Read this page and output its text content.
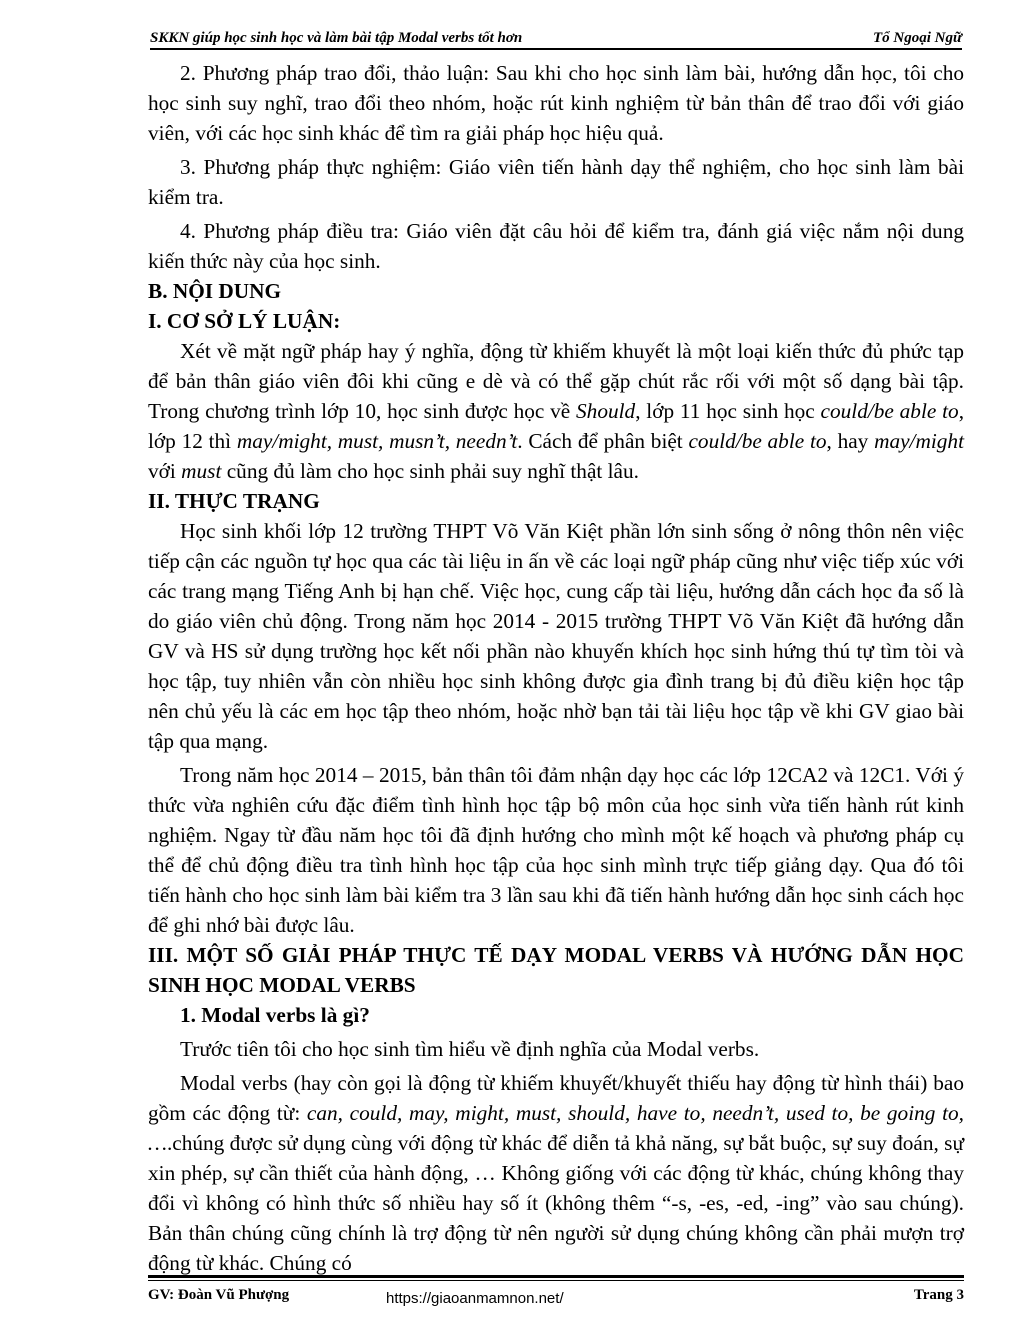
SKKN giúp học sinh học và làm bài tập Modal verbs tốt hơn	Tổ Ngoại Ngữ

2. Phương pháp trao đổi, thảo luận: Sau khi cho học sinh làm bài, hướng dẫn học, tôi cho học sinh suy nghĩ, trao đổi theo nhóm, hoặc rút kinh nghiệm từ bản thân để trao đổi với giáo viên, với các học sinh khác để tìm ra giải pháp học hiệu quả.

3. Phương pháp thực nghiệm: Giáo viên tiến hành dạy thể nghiệm, cho học sinh làm bài kiểm tra.

4. Phương pháp điều tra: Giáo viên đặt câu hỏi để kiểm tra, đánh giá việc nắm nội dung kiến thức này của học sinh.

B. NỘI DUNG

I. CƠ SỞ LÝ LUẬN:

Xét về mặt ngữ pháp hay ý nghĩa, động từ khiếm khuyết là một loại kiến thức đủ phức tạp để bản thân giáo viên đôi khi cũng e dè và có thể gặp chút rắc rối với một số dạng bài tập. Trong chương trình lớp 10, học sinh được học về Should, lớp 11 học sinh học could/be able to, lớp 12 thì may/might, must, musn’t, needn’t. Cách để phân biệt could/be able to, hay may/might với must cũng đủ làm cho học sinh phải suy nghĩ thật lâu.

II. THỰC TRẠNG

Học sinh khối lớp 12 trường THPT Võ Văn Kiệt phần lớn sinh sống ở nông thôn nên việc tiếp cận các nguồn tự học qua các tài liệu in ấn về các loại ngữ pháp cũng như việc tiếp xúc với các trang mạng Tiếng Anh bị hạn chế. Việc học, cung cấp tài liệu, hướng dẫn cách học đa số là do giáo viên chủ động. Trong năm học 2014 - 2015 trường THPT Võ Văn Kiệt đã hướng dẫn GV và HS sử dụng trường học kết nối phần nào khuyến khích học sinh hứng thú tự tìm tòi và học tập, tuy nhiên vẫn còn nhiều học sinh không được gia đình trang bị đủ điều kiện học tập nên chủ yếu là các em học tập theo nhóm, hoặc nhờ bạn tải tài liệu học tập về khi GV giao bài tập qua mạng.

Trong năm học 2014 – 2015, bản thân tôi đảm nhận dạy học các lớp 12CA2 và 12C1. Với ý thức vừa nghiên cứu đặc điểm tình hình học tập bộ môn của học sinh vừa tiến hành rút kinh nghiệm. Ngay từ đầu năm học tôi đã định hướng cho mình một kế hoạch và phương pháp cụ thể để chủ động điều tra tình hình học tập của học sinh mình trực tiếp giảng dạy. Qua đó tôi tiến hành cho học sinh làm bài kiểm tra 3 lần sau khi đã tiến hành hướng dẫn học sinh cách học để ghi nhớ bài được lâu.

III. MỘT SỐ GIẢI PHÁP THỰC TẾ DẠY MODAL VERBS VÀ HƯỚNG DẪN HỌC SINH HỌC MODAL VERBS

1. Modal verbs là gì?

Trước tiên tôi cho học sinh tìm hiểu về định nghĩa của Modal verbs.

Modal verbs (hay còn gọi là động từ khiếm khuyết/khuyết thiếu hay động từ hình thái) bao gồm các động từ: can, could, may, might, must, should, have to, needn’t, used to, be going to, ….chúng được sử dụng cùng với động từ khác để diễn tả khả năng, sự bắt buộc, sự suy đoán, sự xin phép, sự cần thiết của hành động, … Không giống với các động từ khác, chúng không thay đổi vì không có hình thức số nhiều hay số ít (không thêm “-s, -es, -ed, -ing” vào sau chúng). Bản thân chúng cũng chính là trợ động từ nên người sử dụng chúng không cần phải mượn trợ động từ khác. Chúng có

GV: Đoàn Vũ Phượng	https://giaoanmamnon.net/	Trang 3
